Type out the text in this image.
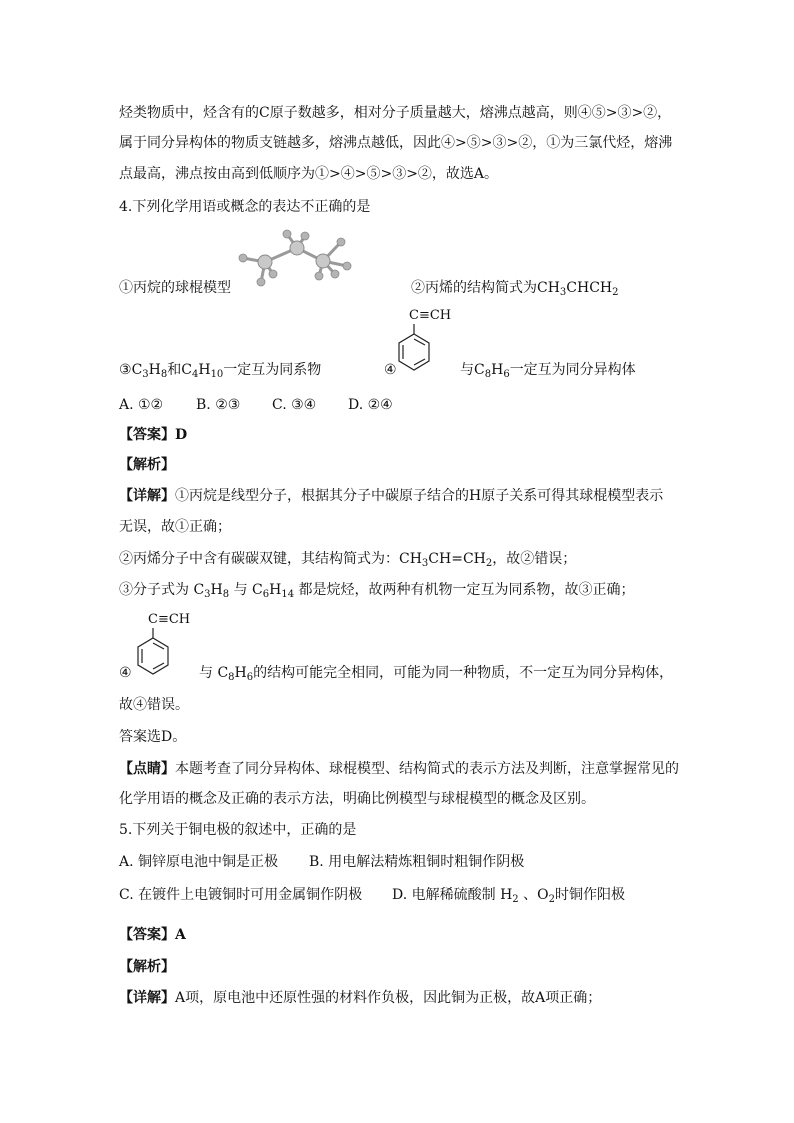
烃类物质中，烃含有的C原子数越多，相对分子质量越大，熔沸点越高，则④⑤>③>②，
属于同分异构体的物质支链越多，熔沸点越低，因此④>⑤>③>②，①为三氯代烃，熔沸
点最高，沸点按由高到低顺序为①>④>⑤>③>②，故选A。
4.下列化学用语或概念的表达不正确的是
①丙烷的球棍模型	②丙烯的结构简式为$CH_3CHCH_2$
C≡CH
$③C_3H_8$和$C_4H_{10}$一定互为同系物	④	与$C_8H_6$一定互为同分异构体
A. ①② B. ②③ C. ③④ D. ②④
【答案】D
【解析】
【详解】①丙烷是线型分子，根据其分子中碳原子结合的H原子关系可得其球棍模型表示
无误，故①正确；
②丙烯分子中含有碳碳双键，其结构简式为：$CH_3CH=CH_2$，故②错误；
③分子式为 $C_3H_8$ 与 $C_6H_{14}$ 都是烷烃，故两种有机物一定互为同系物，故③正确；
C≡CH
④	与 $C_8H_6$的结构可能完全相同，可能为同一种物质，不一定互为同分异构体，
故④错误。
答案选D。
【点睛】本题考查了同分异构体、球棍模型、结构简式的表示方法及判断，注意掌握常见的
化学用语的概念及正确的表示方法，明确比例模型与球棍模型的概念及区别。
5.下列关于铜电极的叙述中，正确的是
A. 铜锌原电池中铜是正极 B. 用电解法精炼粗铜时粗铜作阴极
C. 在镀件上电镀铜时可用金属铜作阴极 D. 电解稀硫酸制 $H_2$ 、$O_2$时铜作阳极
【答案】A
【解析】
【详解】A项，原电池中还原性强的材料作负极，因此铜为正极，故A项正确；
